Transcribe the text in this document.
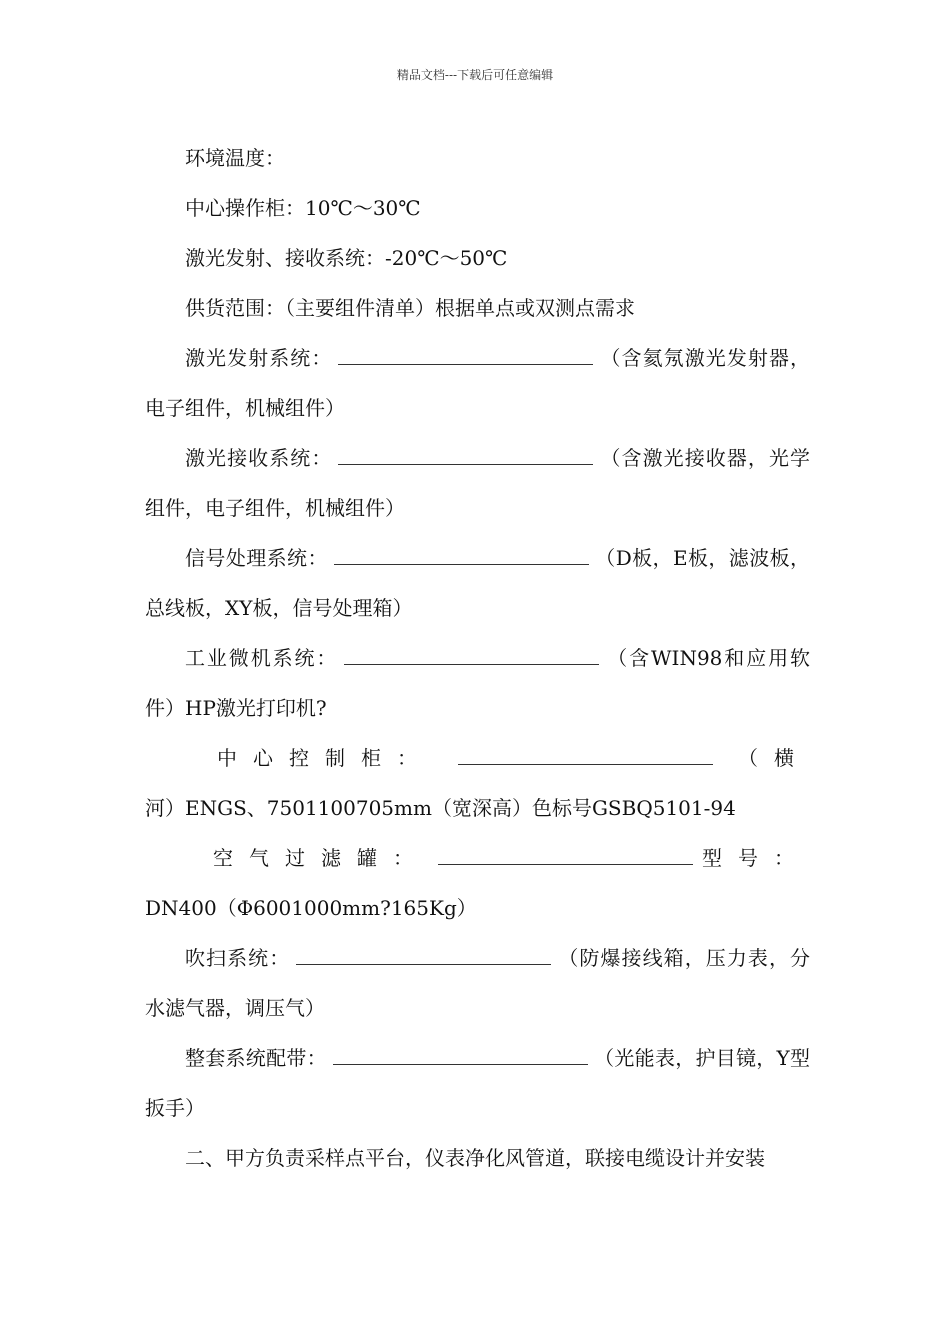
精品文档---下载后可任意编辑

环境温度：

中心操作柜：10℃～30℃

激光发射、接收系统：-20℃～50℃

供货范围：（主要组件清单）根据单点或双测点需求

激光发射系统：	（含氦氖激光发射器，电子组件，机械组件）

激光接收系统：	（含激光接收器，光学组件，电子组件，机械组件）

信号处理系统：	（D板，E板，滤波板，总线板，XY板，信号处理箱）

工业微机系统：	（含WIN98和应用软件）HP激光打印机?

中心控制柜：	（横

河）ENGS、7501100705mm（宽深高）色标号GSBQ5101-94

空气过滤罐：	型号：

DN400（Φ6001000mm?165Kg）

吹扫系统：	（防爆接线箱，压力表，分水滤气器，调压气）

整套系统配带：	（光能表，护目镜，Y型扳手）

二、甲方负责采样点平台，仪表净化风管道，联接电缆设计并安装
